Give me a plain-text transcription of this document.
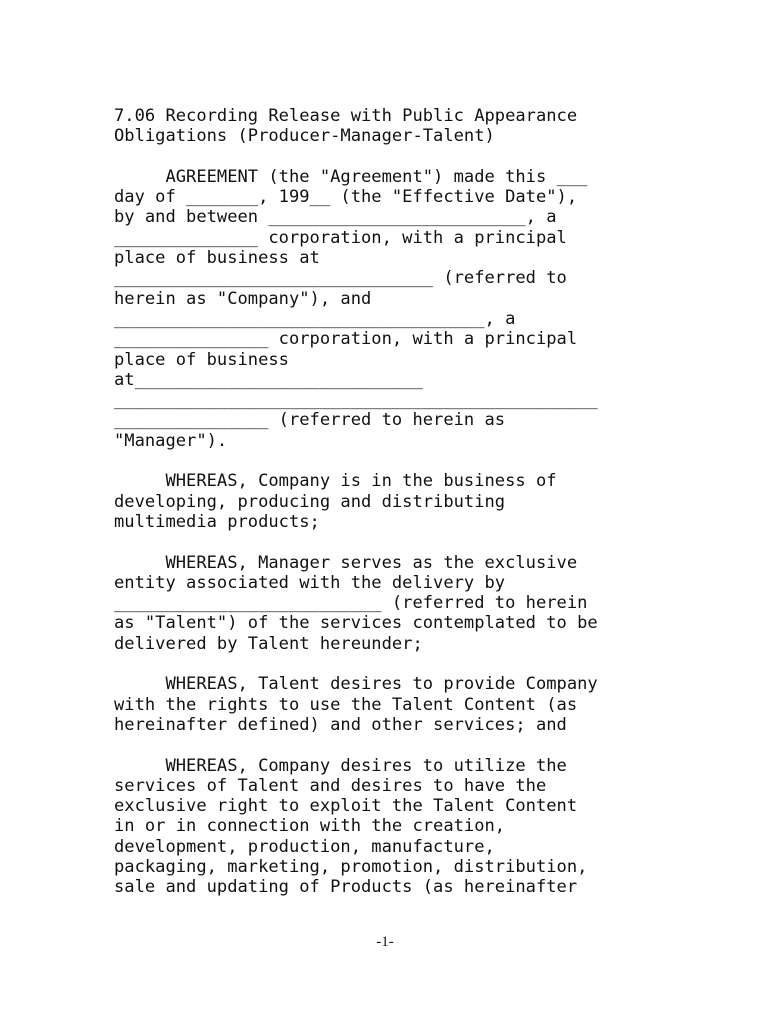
7.06 Recording Release with Public Appearance
Obligations (Producer-Manager-Talent)
AGREEMENT (the "Agreement") made this ___
day of _______, 199__ (the "Effective Date"),
by and between _________________________, a
______________ corporation, with a principal
place of business at
_______________________________ (referred to
herein as "Company"), and
____________________________________, a
_______________ corporation, with a principal
place of business
at____________________________
_______________________________________________
_______________ (referred to herein as
"Manager").
WHEREAS, Company is in the business of
developing, producing and distributing
multimedia products;
WHEREAS, Manager serves as the exclusive
entity associated with the delivery by
__________________________ (referred to herein
as "Talent") of the services contemplated to be
delivered by Talent hereunder;
WHEREAS, Talent desires to provide Company
with the rights to use the Talent Content (as
hereinafter defined) and other services; and
WHEREAS, Company desires to utilize the
services of Talent and desires to have the
exclusive right to exploit the Talent Content
in or in connection with the creation,
development, production, manufacture,
packaging, marketing, promotion, distribution,
sale and updating of Products (as hereinafter
-1-
